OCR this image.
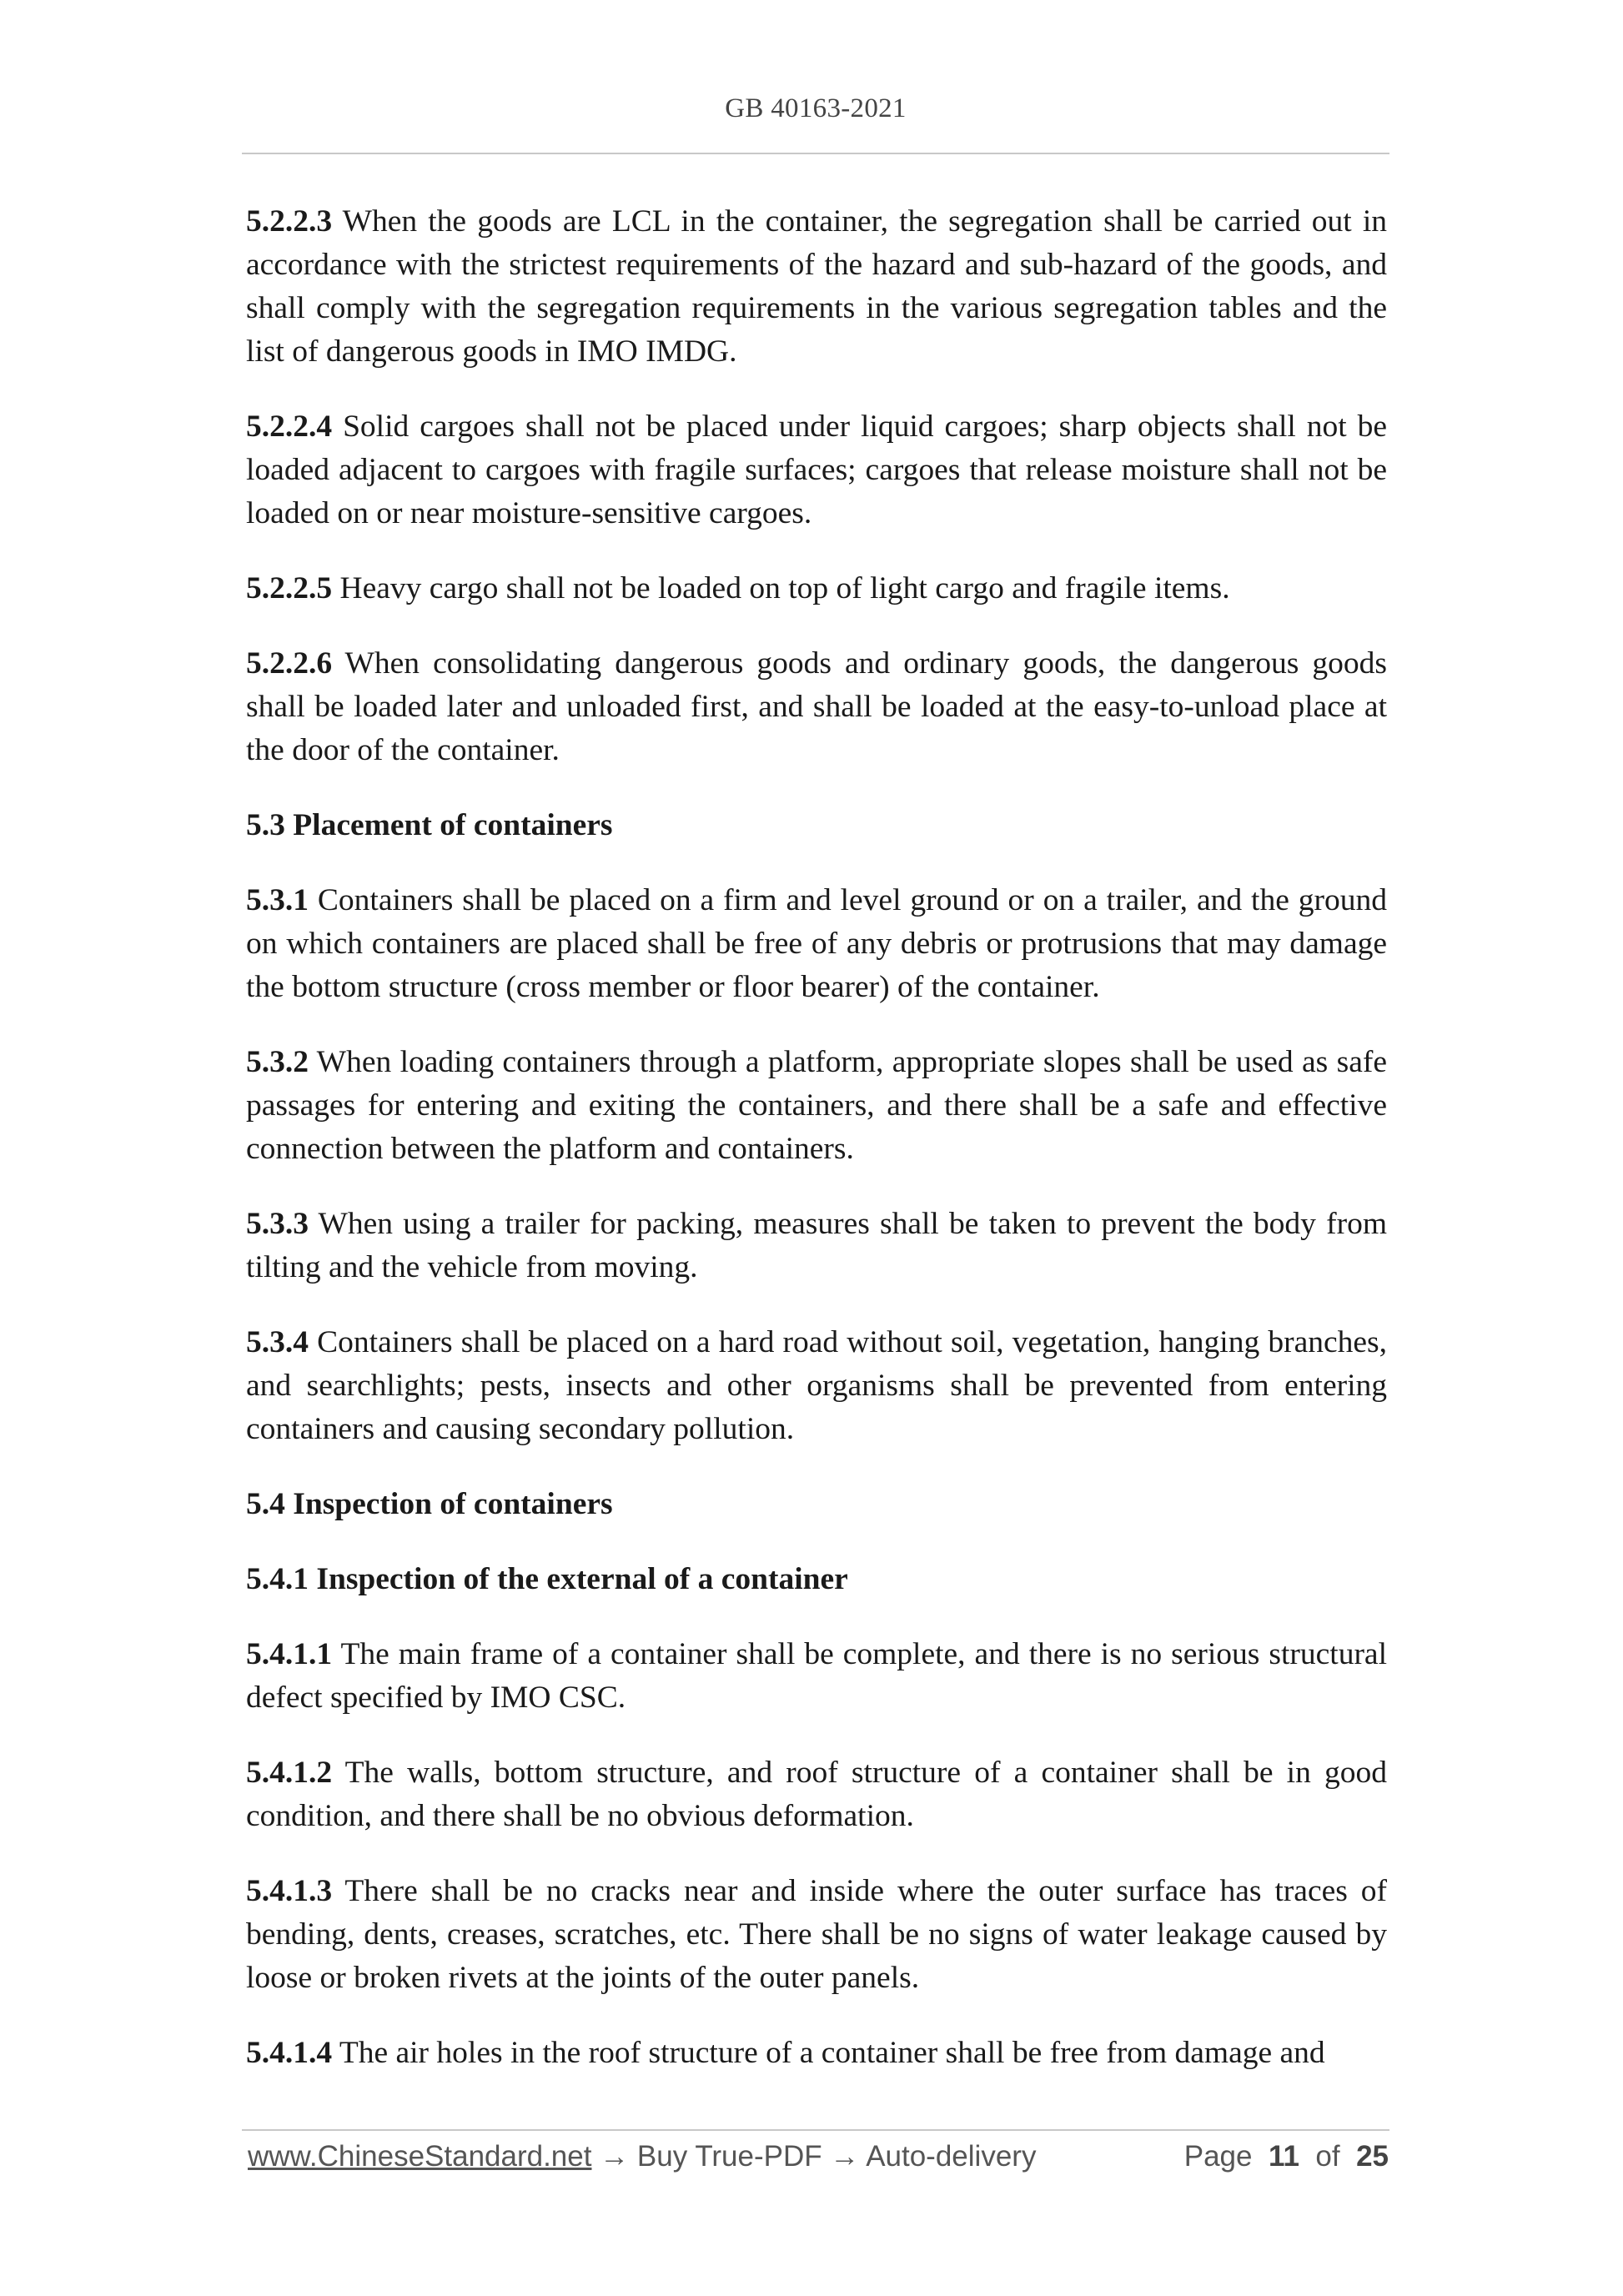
GB 40163-2021

5.2.2.3 When the goods are LCL in the container, the segregation shall be carried out in accordance with the strictest requirements of the hazard and sub-hazard of the goods, and shall comply with the segregation requirements in the various segregation tables and the list of dangerous goods in IMO IMDG.

5.2.2.4 Solid cargoes shall not be placed under liquid cargoes; sharp objects shall not be loaded adjacent to cargoes with fragile surfaces; cargoes that release moisture shall not be loaded on or near moisture-sensitive cargoes.

5.2.2.5 Heavy cargo shall not be loaded on top of light cargo and fragile items.

5.2.2.6 When consolidating dangerous goods and ordinary goods, the dangerous goods shall be loaded later and unloaded first, and shall be loaded at the easy-to-unload place at the door of the container.

5.3 Placement of containers

5.3.1 Containers shall be placed on a firm and level ground or on a trailer, and the ground on which containers are placed shall be free of any debris or protrusions that may damage the bottom structure (cross member or floor bearer) of the container.

5.3.2 When loading containers through a platform, appropriate slopes shall be used as safe passages for entering and exiting the containers, and there shall be a safe and effective connection between the platform and containers.

5.3.3 When using a trailer for packing, measures shall be taken to prevent the body from tilting and the vehicle from moving.

5.3.4 Containers shall be placed on a hard road without soil, vegetation, hanging branches, and searchlights; pests, insects and other organisms shall be prevented from entering containers and causing secondary pollution.

5.4 Inspection of containers
5.4.1 Inspection of the external of a container

5.4.1.1 The main frame of a container shall be complete, and there is no serious structural defect specified by IMO CSC.

5.4.1.2 The walls, bottom structure, and roof structure of a container shall be in good condition, and there shall be no obvious deformation.

5.4.1.3 There shall be no cracks near and inside where the outer surface has traces of bending, dents, creases, scratches, etc. There shall be no signs of water leakage caused by loose or broken rivets at the joints of the outer panels.

5.4.1.4 The air holes in the roof structure of a container shall be free from damage and

www.ChineseStandard.net → Buy True-PDF → Auto-delivery	Page 11 of 25
